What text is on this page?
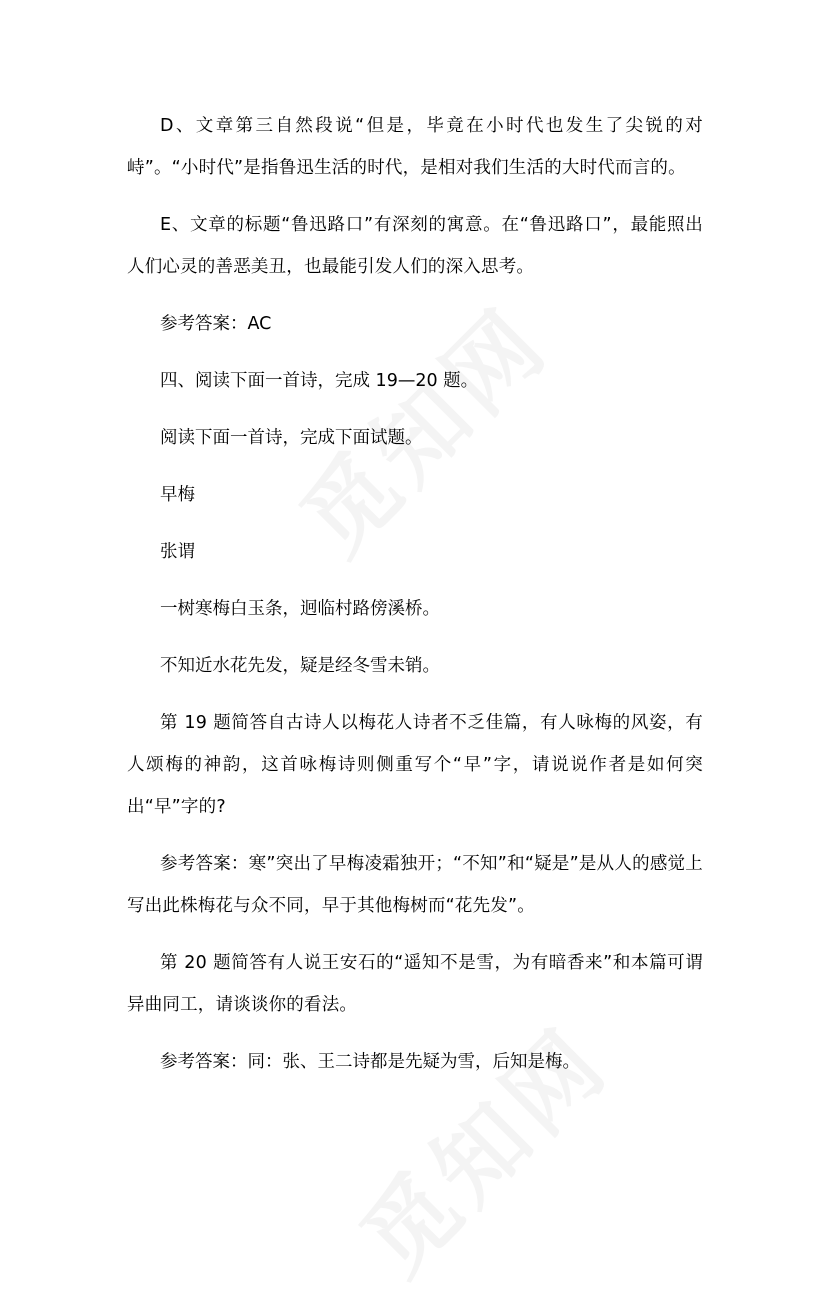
D、文章第三自然段说“但是，毕竟在小时代也发生了尖锐的对峙”。“小时代”是指鲁迅生活的时代，是相对我们生活的大时代而言的。

E、文章的标题“鲁迅路口”有深刻的寓意。在“鲁迅路口”，最能照出人们心灵的善恶美丑，也最能引发人们的深入思考。

参考答案：AC

四、阅读下面一首诗，完成 19—20 题。

阅读下面一首诗，完成下面试题。

早梅

张谓

一树寒梅白玉条，迥临村路傍溪桥。

不知近水花先发，疑是经冬雪未销。

第 19 题简答自古诗人以梅花人诗者不乏佳篇，有人咏梅的风姿，有人颂梅的神韵，这首咏梅诗则侧重写个“早”字，请说说作者是如何突出“早”字的?

参考答案：寒”突出了早梅凌霜独开；“不知”和“疑是”是从人的感觉上写出此株梅花与众不同，早于其他梅树而“花先发”。

第 20 题简答有人说王安石的“遥知不是雪，为有暗香来”和本篇可谓异曲同工，请谈谈你的看法。

参考答案：同：张、王二诗都是先疑为雪，后知是梅。
